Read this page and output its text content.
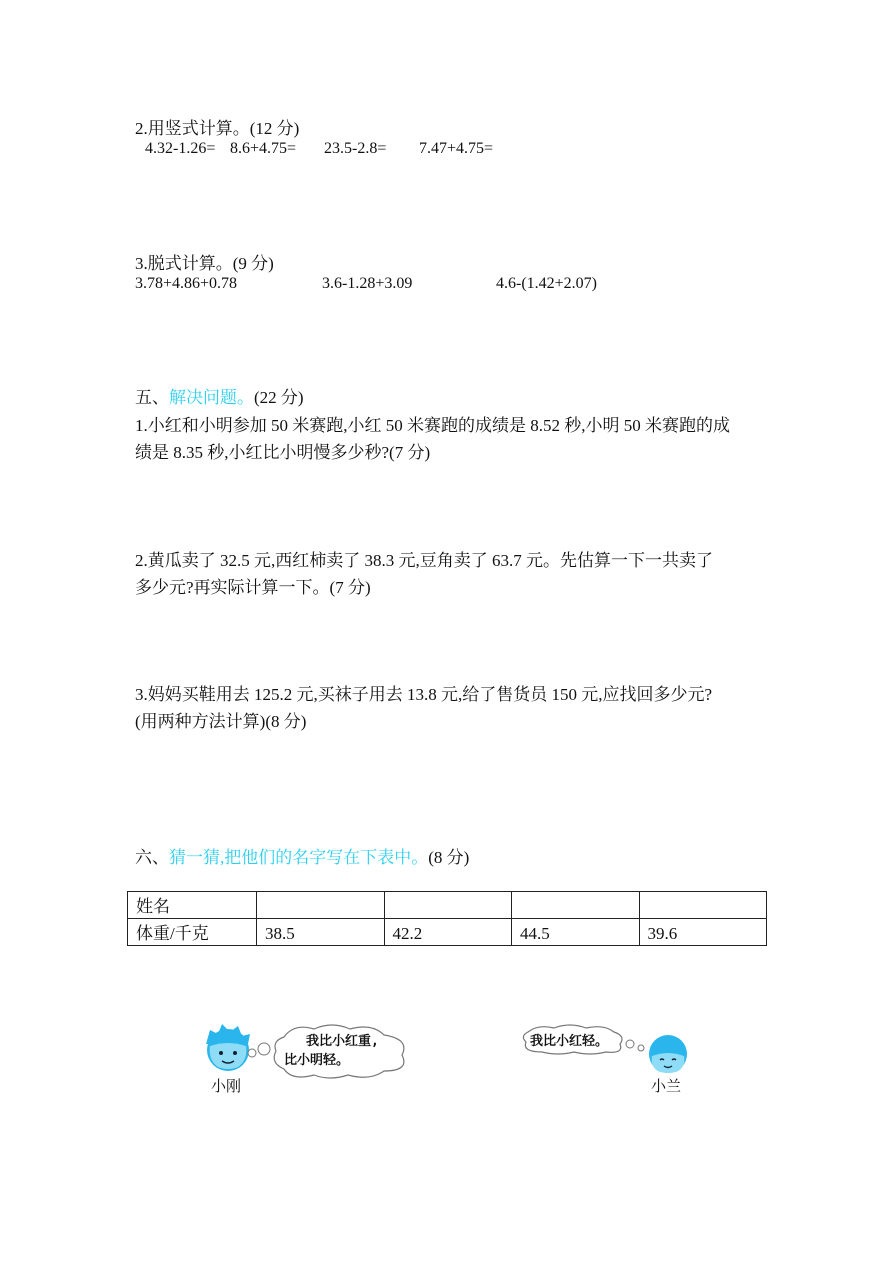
2.用竖式计算。(12 分)
4.32-1.26= 8.6+4.75= 23.5-2.8= 7.47+4.75=
3.脱式计算。(9 分)
3.78+4.86+0.78	3.6-1.28+3.09	4.6-(1.42+2.07)
五、解决问题。(22 分)
1.小红和小明参加 50 米赛跑,小红 50 米赛跑的成绩是 8.52 秒,小明 50 米赛跑的成
绩是 8.35 秒,小红比小明慢多少秒?(7 分)
2.黄瓜卖了 32.5 元,西红柿卖了 38.3 元,豆角卖了 63.7 元。先估算一下一共卖了
多少元?再实际计算一下。(7 分)
3.妈妈买鞋用去 125.2 元,买袜子用去 13.8 元,给了售货员 150 元,应找回多少元?
(用两种方法计算)(8 分)
六、猜一猜,把他们的名字写在下表中。(8 分)
姓名				
体重/千克	38.5	42.2	44.5	39.6
我比小红重,
比小明轻。
小刚
我比小红轻。
小兰
